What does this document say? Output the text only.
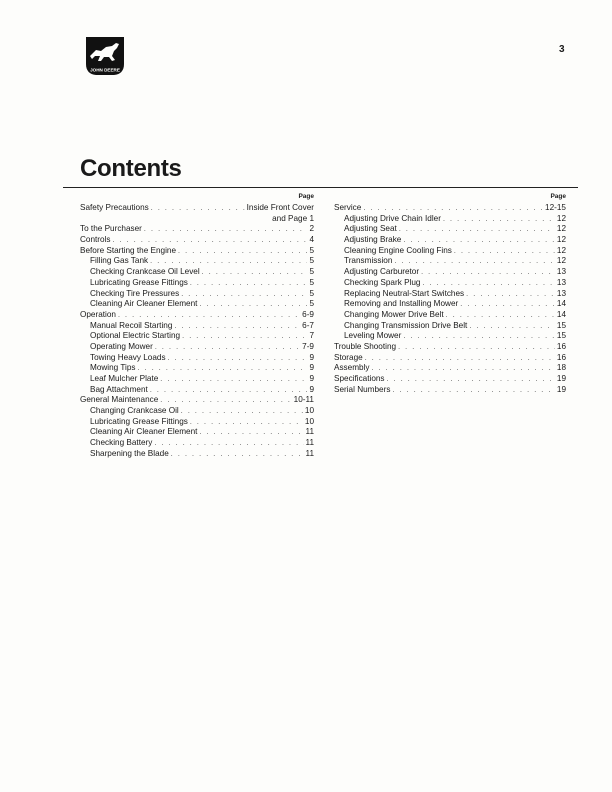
JOHN DEERE
3
Contents
Page
Safety Precautions . . .	Inside Front Cover
and Page 1
To the Purchaser . . .	2
Controls . . .	4
Before Starting the Engine . . .	5
Filling Gas Tank . . .	5
Checking Crankcase Oil Level . . .	5
Lubricating Grease Fittings . . .	5
Checking Tire Pressures . . .	5
Cleaning Air Cleaner Element . . .	5
Operation . . .	6-9
Manual Recoil Starting . . .	6-7
Optional Electric Starting . . .	7
Operating Mower . . .	7-9
Towing Heavy Loads . . .	9
Mowing Tips . . .	9
Leaf Mulcher Plate . . .	9
Bag Attachment . . .	9
General Maintenance . . .	10-11
Changing Crankcase Oil . . .	10
Lubricating Grease Fittings . . .	10
Cleaning Air Cleaner Element . . .	11
Checking Battery . . .	11
Sharpening the Blade . . .	11
Page
Service . . .	12-15
Adjusting Drive Chain Idler . . .	12
Adjusting Seat . . .	12
Adjusting Brake . . .	12
Cleaning Engine Cooling Fins . . .	12
Transmission . . .	12
Adjusting Carburetor . . .	13
Checking Spark Plug . . .	13
Replacing Neutral-Start Switches . . .	13
Removing and Installing Mower . . .	14
Changing Mower Drive Belt . . .	14
Changing Transmission Drive Belt . . .	15
Leveling Mower . . .	15
Trouble Shooting . . .	16
Storage . . .	16
Assembly . . .	18
Specifications . . .	19
Serial Numbers . . .	19
